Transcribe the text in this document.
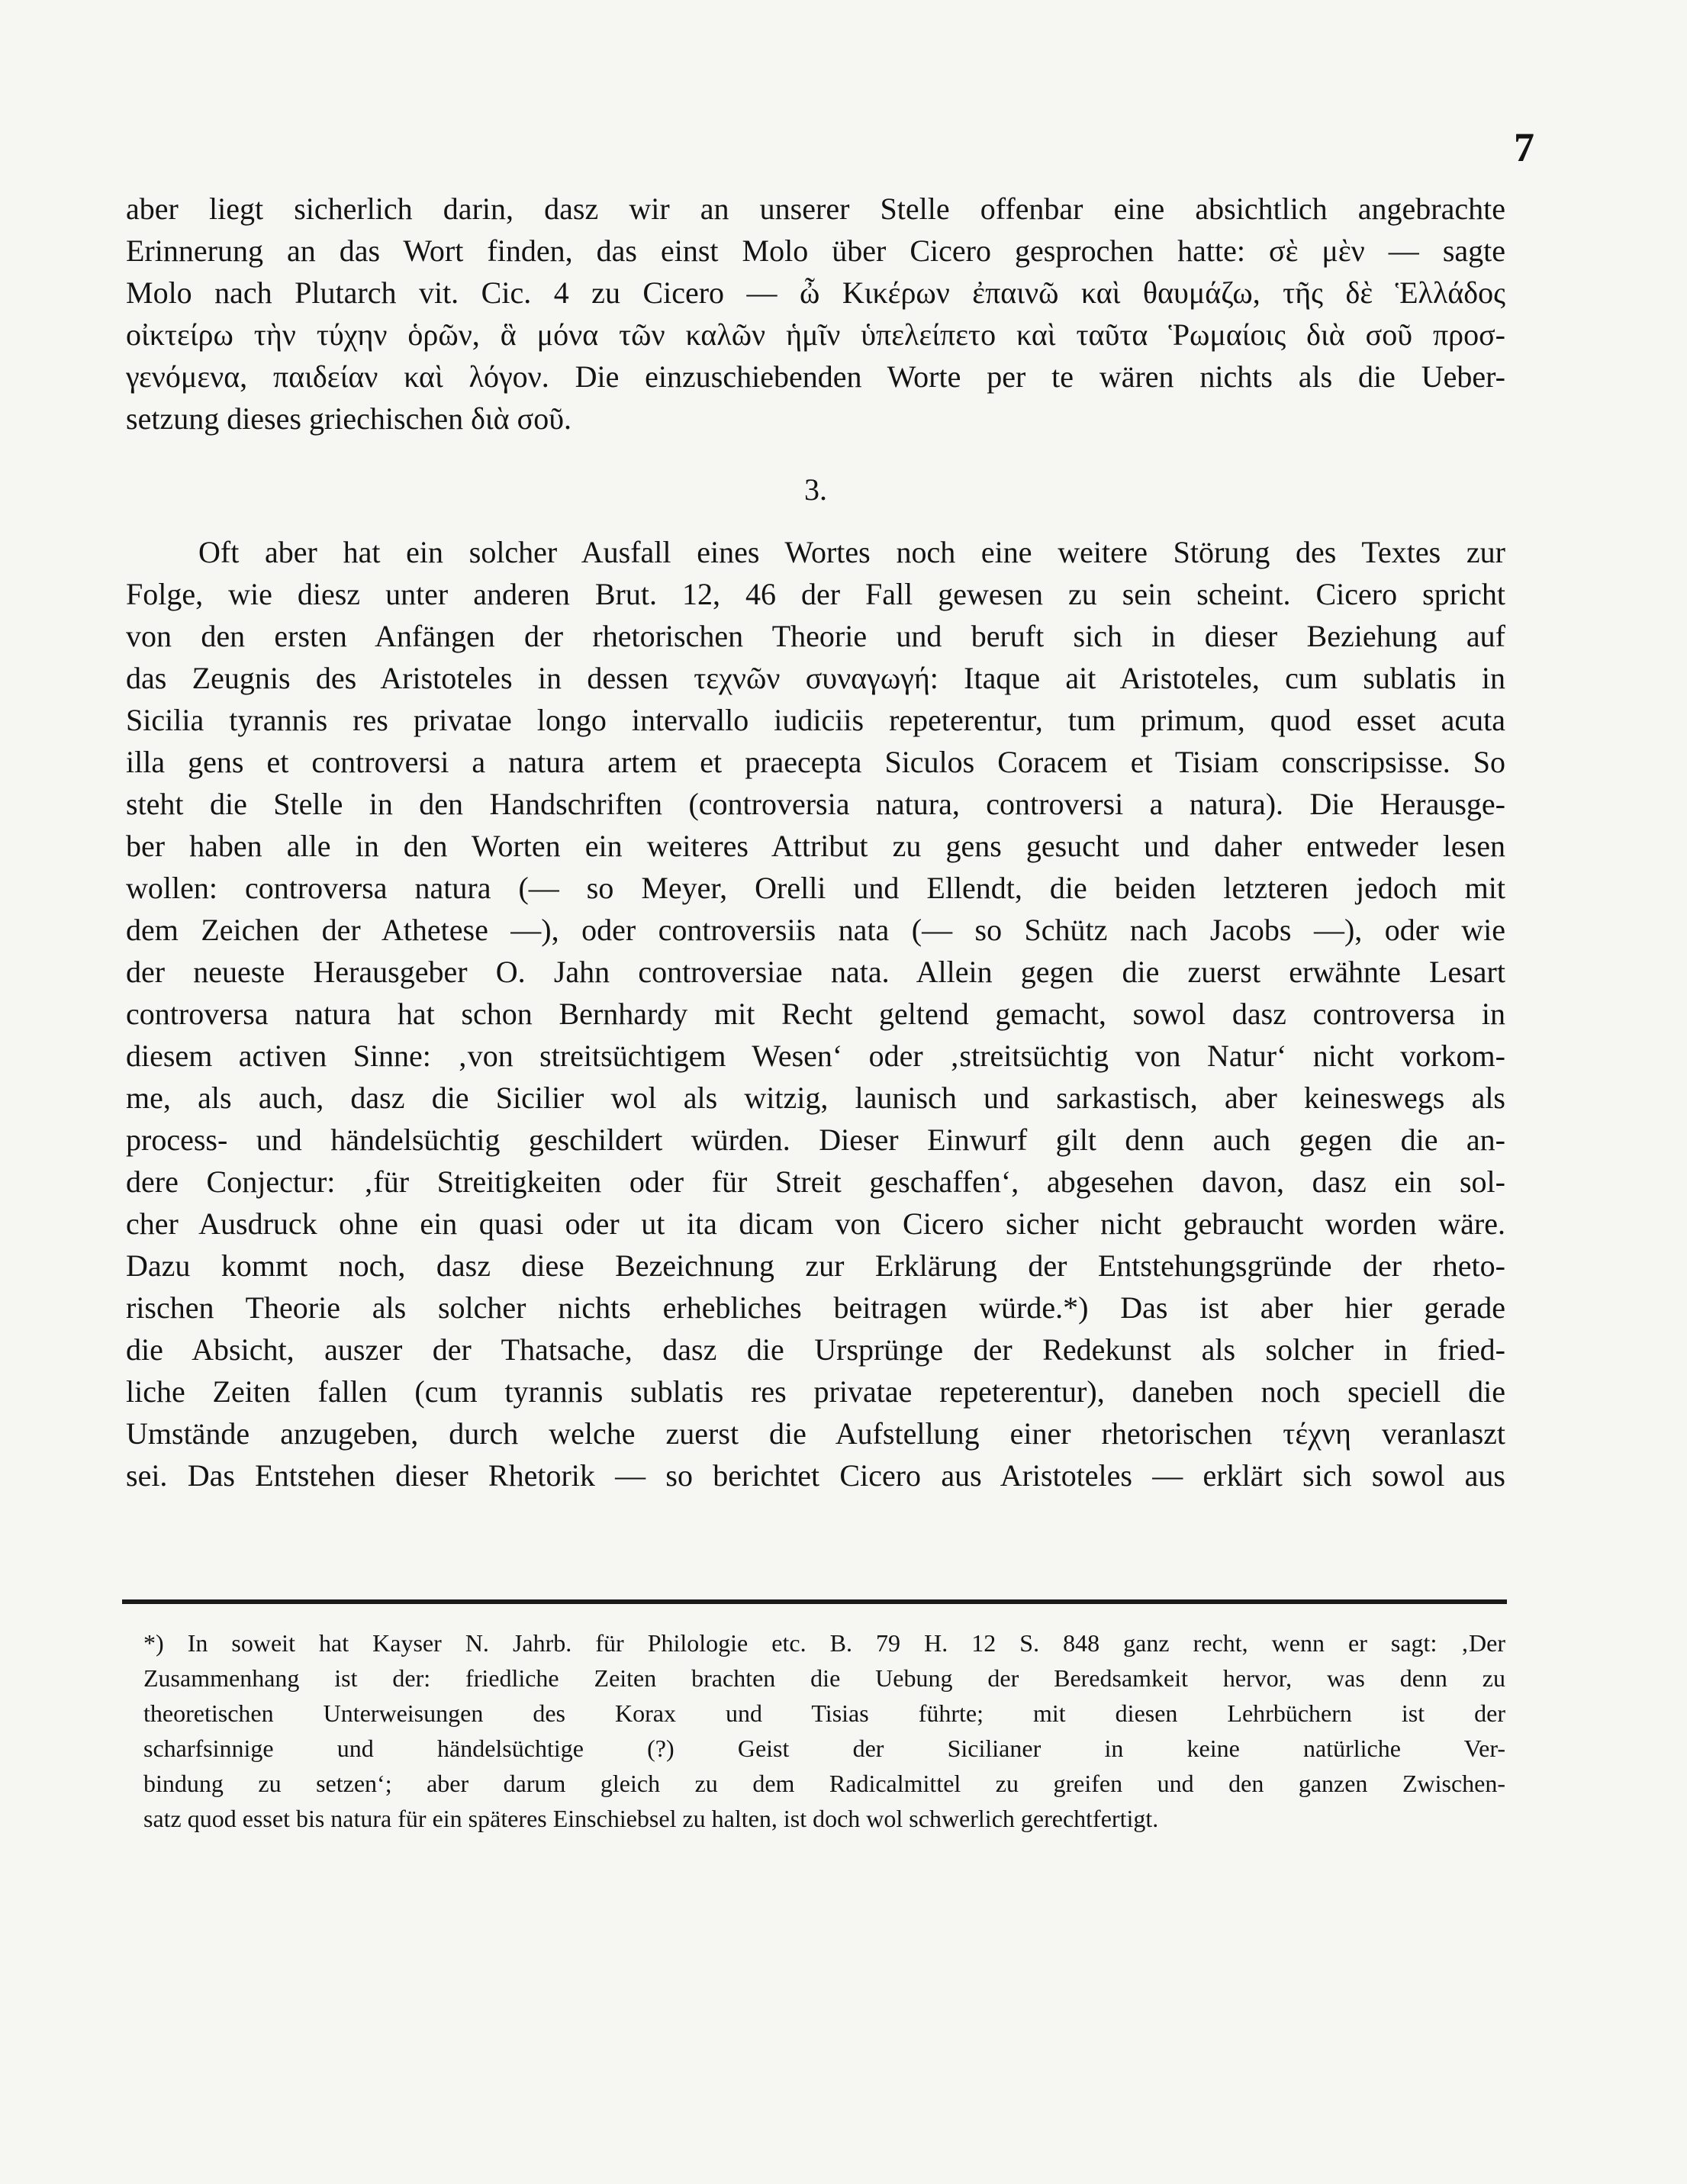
7
aber liegt sicherlich darin, dasz wir an unserer Stelle offenbar eine absichtlich angebrachte
Erinnerung an das Wort finden, das einst Molo über Cicero gesprochen hatte: σὲ μὲν — sagte
Molo nach Plutarch vit. Cic. 4 zu Cicero — ὦ Κικέρων ἐπαινῶ καὶ θαυμάζω, τῆς δὲ Ἑλλάδος
οἰκτείρω τὴν τύχην ὁρῶν, ἃ μόνα τῶν καλῶν ἡμῖν ὑπελείπετο καὶ ταῦτα Ῥωμαίοις διὰ σοῦ προσ-
γενόμενα, παιδείαν καὶ λόγον. Die einzuschiebenden Worte per te wären nichts als die Ueber-
setzung dieses griechischen διὰ σοῦ.
3.
Oft aber hat ein solcher Ausfall eines Wortes noch eine weitere Störung des Textes zur
Folge, wie diesz unter anderen Brut. 12, 46 der Fall gewesen zu sein scheint. Cicero spricht
von den ersten Anfängen der rhetorischen Theorie und beruft sich in dieser Beziehung auf
das Zeugnis des Aristoteles in dessen τεχνῶν συναγωγή: Itaque ait Aristoteles, cum sublatis in
Sicilia tyrannis res privatae longo intervallo iudiciis repeterentur, tum primum, quod esset acuta
illa gens et controversi a natura artem et praecepta Siculos Coracem et Tisiam conscripsisse. So
steht die Stelle in den Handschriften (controversia natura, controversi a natura). Die Herausge-
ber haben alle in den Worten ein weiteres Attribut zu gens gesucht und daher entweder lesen
wollen: controversa natura (— so Meyer, Orelli und Ellendt, die beiden letzteren jedoch mit
dem Zeichen der Athetese —), oder controversiis nata (— so Schütz nach Jacobs —), oder wie
der neueste Herausgeber O. Jahn controversiae nata. Allein gegen die zuerst erwähnte Lesart
controversa natura hat schon Bernhardy mit Recht geltend gemacht, sowol dasz controversa in
diesem activen Sinne: ‚von streitsüchtigem Wesen‘ oder ‚streitsüchtig von Natur‘ nicht vorkom-
me, als auch, dasz die Sicilier wol als witzig, launisch und sarkastisch, aber keineswegs als
process- und händelsüchtig geschildert würden. Dieser Einwurf gilt denn auch gegen die an-
dere Conjectur: ‚für Streitigkeiten oder für Streit geschaffen‘, abgesehen davon, dasz ein sol-
cher Ausdruck ohne ein quasi oder ut ita dicam von Cicero sicher nicht gebraucht worden wäre.
Dazu kommt noch, dasz diese Bezeichnung zur Erklärung der Entstehungsgründe der rheto-
rischen Theorie als solcher nichts erhebliches beitragen würde.*) Das ist aber hier gerade
die Absicht, auszer der Thatsache, dasz die Ursprünge der Redekunst als solcher in fried-
liche Zeiten fallen (cum tyrannis sublatis res privatae repeterentur), daneben noch speciell die
Umstände anzugeben, durch welche zuerst die Aufstellung einer rhetorischen τέχνη veranlaszt
sei. Das Entstehen dieser Rhetorik — so berichtet Cicero aus Aristoteles — erklärt sich sowol aus
*) In soweit hat Kayser N. Jahrb. für Philologie etc. B. 79 H. 12 S. 848 ganz recht, wenn er sagt: ‚Der
Zusammenhang ist der: friedliche Zeiten brachten die Uebung der Beredsamkeit hervor, was denn zu
theoretischen Unterweisungen des Korax und Tisias führte; mit diesen Lehrbüchern ist der
scharfsinnige und händelsüchtige (?) Geist der Sicilianer in keine natürliche Ver-
bindung zu setzen‘; aber darum gleich zu dem Radicalmittel zu greifen und den ganzen Zwischen-
satz quod esset bis natura für ein späteres Einschiebsel zu halten, ist doch wol schwerlich gerechtfertigt.
